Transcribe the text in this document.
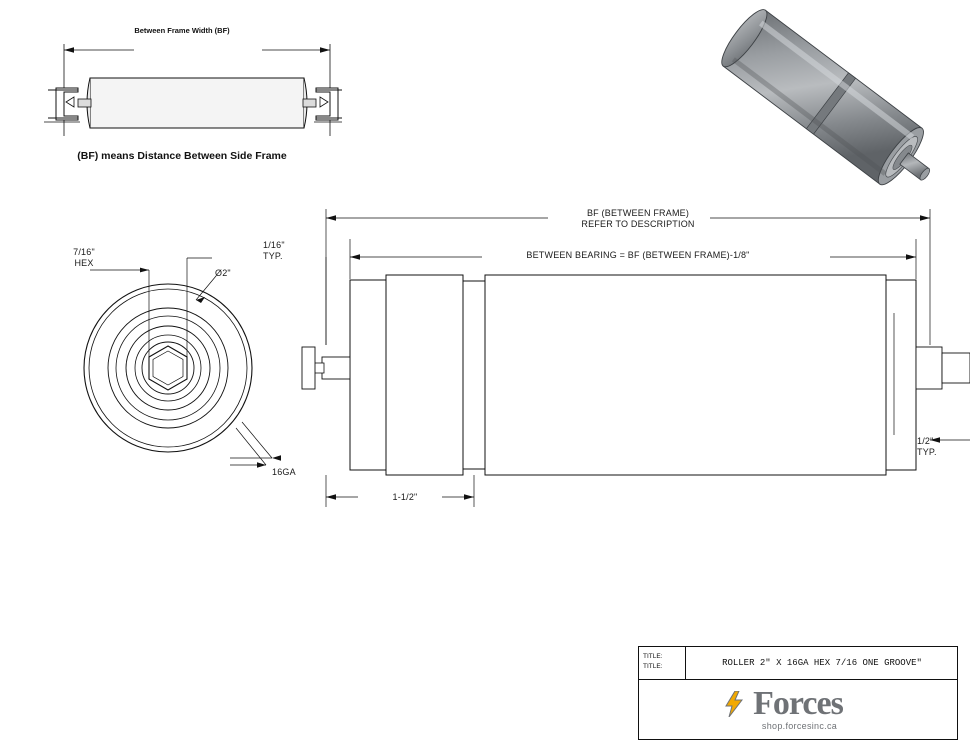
Between Frame Width (BF)
(BF) means Distance Between Side Frame
7/16"
HEX
Ø2"
16GA
BF (BETWEEN FRAME)
REFER TO DESCRIPTION
BETWEEN BEARING = BF (BETWEEN FRAME)-1/8"
1/16"
TYP.
1/2"
TYP.
1-1/2"
TITLE:
TITLE:	ROLLER 2" X 16GA HEX 7/16 ONE GROOVE"
Forces
shop.forcesinc.ca
